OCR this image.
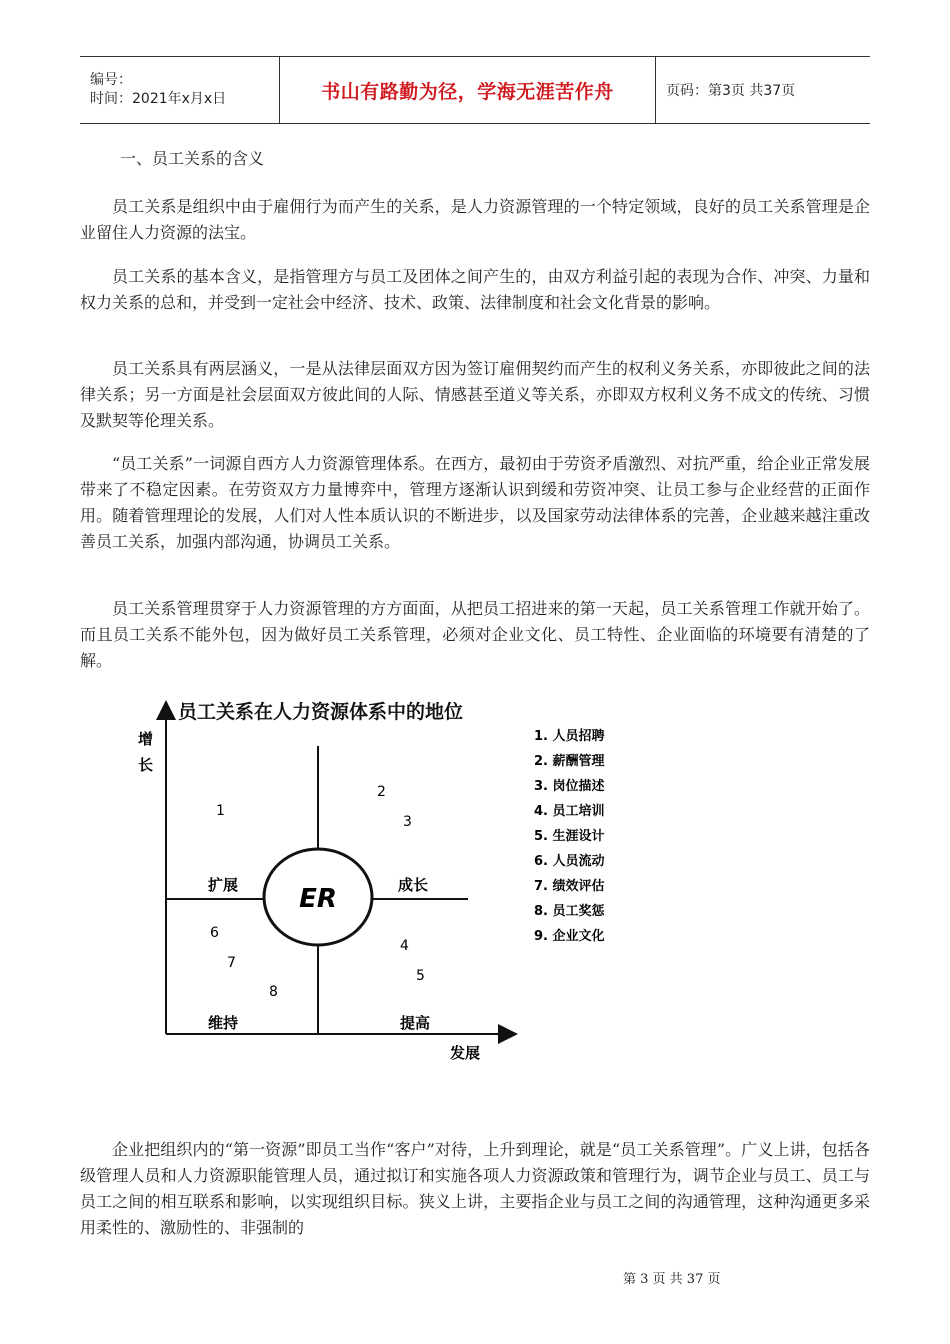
编号：
时间：2021年x月x日	书山有路勤为径，学海无涯苦作舟	页码：第3页 共37页
一、员工关系的含义

员工关系是组织中由于雇佣行为而产生的关系，是人力资源管理的一个特定领域，良好的员工关系管理是企业留住人力资源的法宝。

员工关系的基本含义，是指管理方与员工及团体之间产生的，由双方利益引起的表现为合作、冲突、力量和权力关系的总和，并受到一定社会中经济、技术、政策、法律制度和社会文化背景的影响。

员工关系具有两层涵义，一是从法律层面双方因为签订雇佣契约而产生的权利义务关系，亦即彼此之间的法律关系；另一方面是社会层面双方彼此间的人际、情感甚至道义等关系，亦即双方权利义务不成文的传统、习惯及默契等伦理关系。

“员工关系”一词源自西方人力资源管理体系。在西方，最初由于劳资矛盾激烈、对抗严重，给企业正常发展带来了不稳定因素。在劳资双方力量博弈中，管理方逐渐认识到缓和劳资冲突、让员工参与企业经营的正面作用。随着管理理论的发展，人们对人性本质认识的不断进步，以及国家劳动法律体系的完善，企业越来越注重改善员工关系，加强内部沟通，协调员工关系。

员工关系管理贯穿于人力资源管理的方方面面，从把员工招进来的第一天起，员工关系管理工作就开始了。而且员工关系不能外包，因为做好员工关系管理，必须对企业文化、员工特性、企业面临的环境要有清楚的了解。

企业把组织内的“第一资源”即员工当作“客户”对待，上升到理论，就是“员工关系管理”。广义上讲，包括各级管理人员和人力资源职能管理人员，通过拟订和实施各项人力资源政策和管理行为，调节企业与员工、员工与员工之间的相互联系和影响，以实现组织目标。狭义上讲，主要指企业与员工之间的沟通管理，这种沟通更多采用柔性的、激励性的、非强制的

员工关系在人力资源体系中的地位
增
长
发展
ER
扩展	成长
维持	提高
1
2
3
4
5
6
7
8
1. 人员招聘
2. 薪酬管理
3. 岗位描述
4. 员工培训
5. 生涯设计
6. 人员流动
7. 绩效评估
8. 员工奖惩
9. 企业文化
第 3 页 共 37 页
